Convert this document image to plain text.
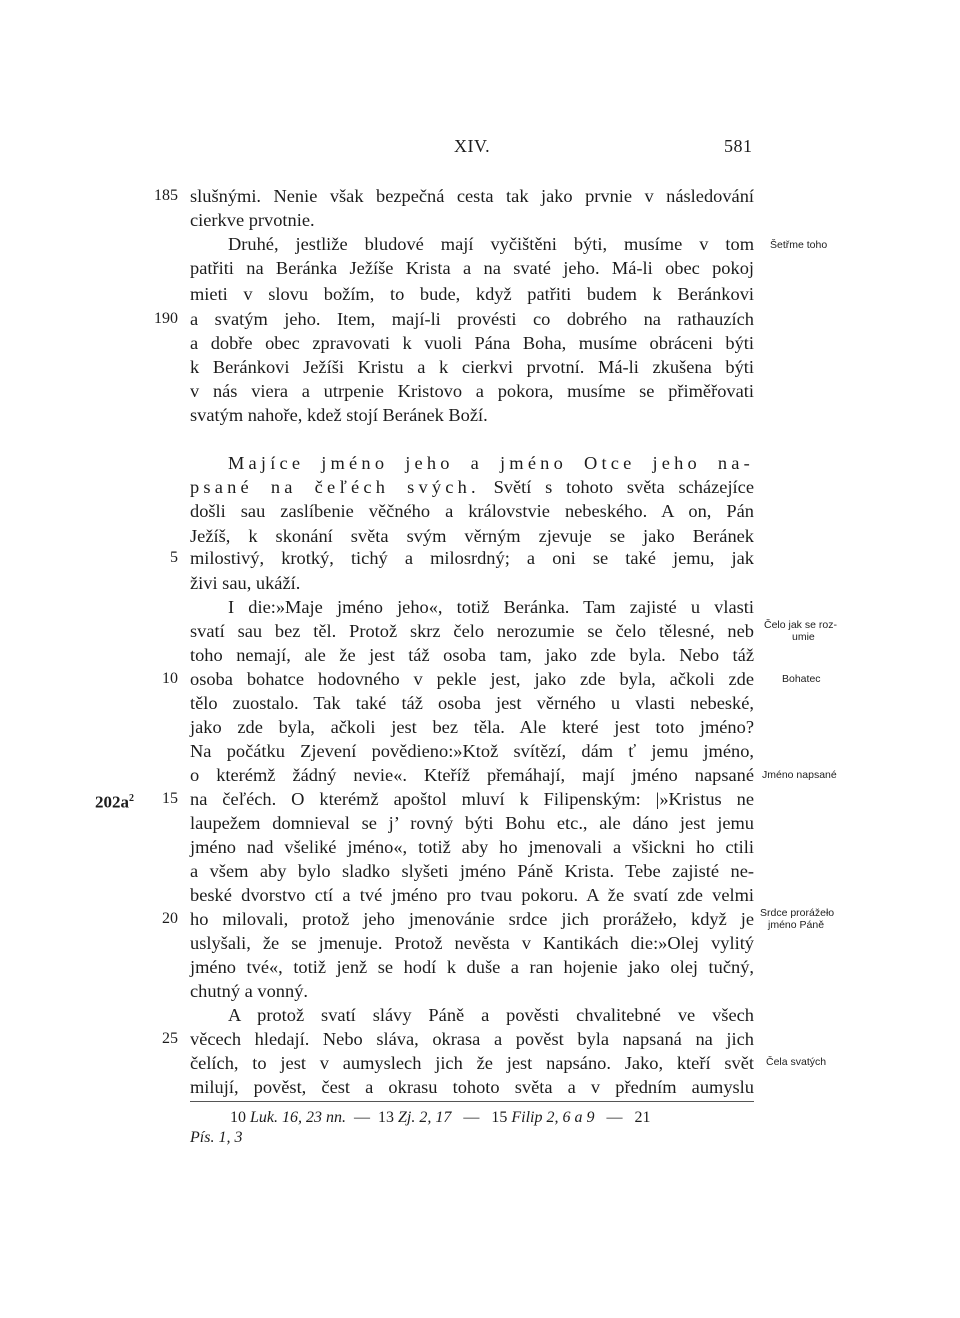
XIV.	581
185 slušnými. Nenie však bezpečná cesta tak jako prvnie v následování
cierkve prvotnie.
Druhé, jestliže bludové mají vyčištěni býti, musíme v tom
patřiti na Beránka Ježíše Krista a na svaté jeho. Má-li obec pokoj
mieti v slovu božím, to bude, když patřiti budem k Beránkovi
190 a svatým jeho. Item, mají-li provésti co dobrého na rathauzích
a dobře obec zpravovati k vuoli Pána Boha, musíme obráceni býti
k Beránkovi Ježíši Kristu a k cierkvi prvotní. Má-li zkušena býti
v nás viera a utrpenie Kristovo a pokora, musíme se přiměřovati
svatým nahoře, kdež stojí Beránek Boží.
Majíce jméno jeho a jméno Otce jeho na-
psané na čeľéch svých. Světí s tohoto světa scházejíce
došli sau zaslíbenie věčného a královstvie nebeského. A on, Pán
Ježíš, k skonání světa svým věrným zjevuje se jako Beránek
5 milostivý, krotký, tichý a milosrdný; a oni se také jemu, jak
živi sau, ukáží.
I die:»Maje jméno jeho«, totiž Beránka. Tam zajisté u vlasti
svatí sau bez těl. Protož skrz čelo nerozumie se čelo tělesné, neb
toho nemají, ale že jest táž osoba tam, jako zde byla. Nebo táž
10 osoba bohatce hodovného v pekle jest, jako zde byla, ačkoli zde
tělo zuostalo. Tak také táž osoba jest věrného u vlasti nebeské,
jako zde byla, ačkoli jest bez těla. Ale které jest toto jméno?
Na počátku Zjevení povědieno:»Ktož svítězí, dám ť jemu jméno,
o kterémž žádný nevie«. Kteříž přemáhají, mají jméno napsané
$202a^2$	15 na čeľéch. O kterémž apoštol mluví k Filipenským: |»Kristus ne
laupežem domnieval se j’ rovný býti Bohu etc., ale dáno jest jemu
jméno nad všeliké jméno«, totiž aby ho jmenovali a všickni ho ctili
a všem aby bylo sladko slyšeti jméno Páně Krista. Tebe zajisté ne-
beské dvorstvo ctí a tvé jméno pro tvau pokoru. A že svatí zde velmi
20 ho milovali, protož jeho jmenovánie srdce jich prorážeło, když je
uslyšali, že se jmenuje. Protož nevěsta v Kantikách die:»Olej vylitý
jméno tvé«, totiž jenž se hodí k duše a ran hojenie jako olej tučný,
chutný a vonný.
A protož svatí slávy Páně a pověsti chvalitebné ve všech
25 věcech hledají. Nebo sláva, okrasa a pověst byla napsaná na jich
čelích, to jest v aumyslech jich že jest napsáno. Jako, kteří svět
milují, pověst, čest a okrasu tohoto světa a v předním aumyslu
Šetřme toho
Čelo jak se roz-
umie
Bohatec
Jméno napsané
Srdce prorážeło
jméno Páně
Čela svatých
10 Luk. 16, 23 nn. — 13 Zj. 2, 17 — 15 Filip 2, 6 a 9 — 21
Pís. 1, 3
